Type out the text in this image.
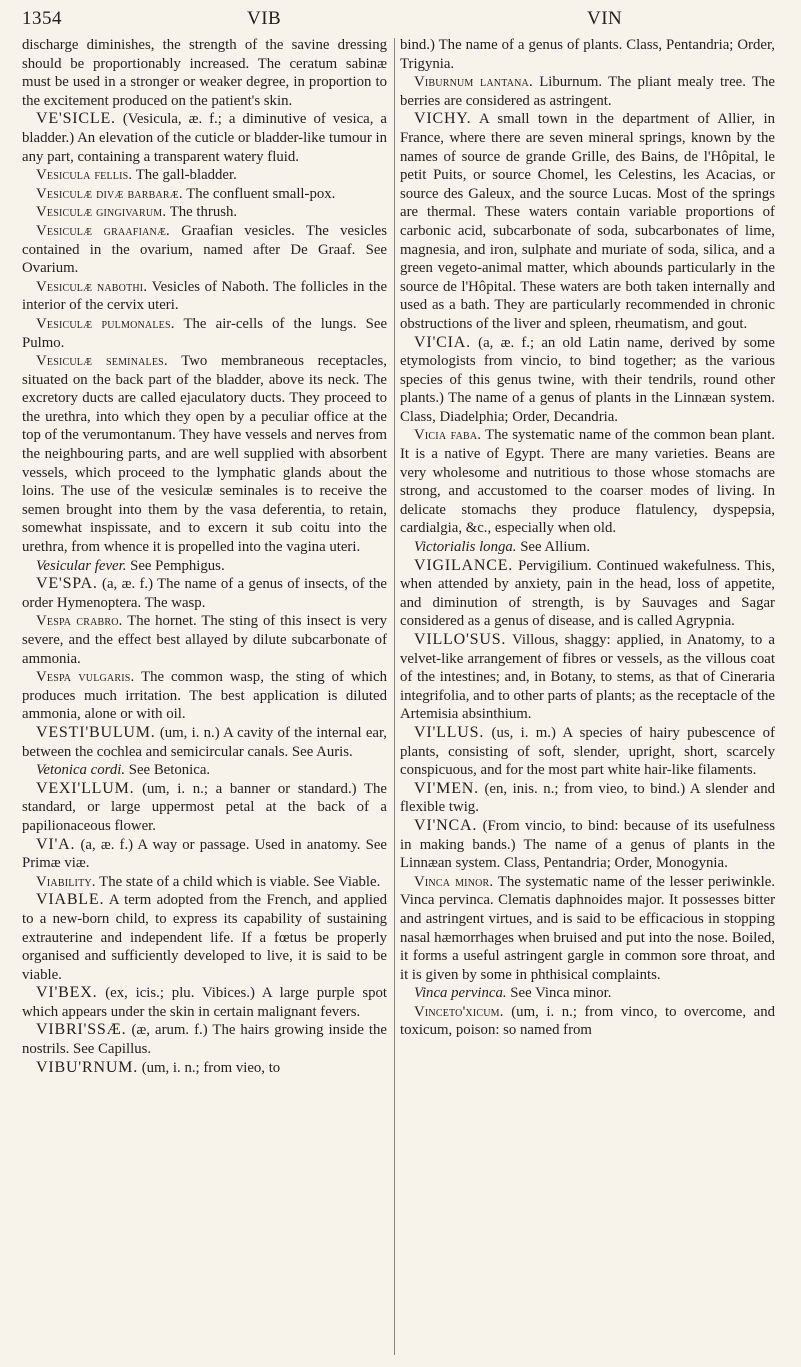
1354	VIB	VIN

discharge diminishes, the strength of the savine dressing should be proportionably increased. The ceratum sabinæ must be used in a stronger or weaker degree, in proportion to the excitement produced on the patient's skin.

VE'SICLE. (Vesicula, æ. f.; a diminutive of vesica, a bladder.) An elevation of the cuticle or bladder-like tumour in any part, containing a transparent watery fluid.

Vesicula fellis. The gall-bladder.

Vesiculæ divæ barbaræ. The confluent small-pox.

Vesiculæ gingivarum. The thrush.

Vesiculæ graafianæ. Graafian vesicles. The vesicles contained in the ovarium, named after De Graaf. See Ovarium.

Vesiculæ nabothi. Vesicles of Naboth. The follicles in the interior of the cervix uteri.

Vesiculæ pulmonales. The air-cells of the lungs. See Pulmo.

Vesiculæ seminales. Two membraneous receptacles, situated on the back part of the bladder, above its neck. The excretory ducts are called ejaculatory ducts. They proceed to the urethra, into which they open by a peculiar office at the top of the verumontanum. They have vessels and nerves from the neighbouring parts, and are well supplied with absorbent vessels, which proceed to the lymphatic glands about the loins. The use of the vesiculæ seminales is to receive the semen brought into them by the vasa deferentia, to retain, somewhat inspissate, and to excern it sub coitu into the urethra, from whence it is propelled into the vagina uteri.

Vesicular fever. See Pemphigus.

VE'SPA. (a, æ. f.) The name of a genus of insects, of the order Hymenoptera. The wasp.

Vespa crabro. The hornet. The sting of this insect is very severe, and the effect best allayed by dilute subcarbonate of ammonia.

Vespa vulgaris. The common wasp, the sting of which produces much irritation. The best application is diluted ammonia, alone or with oil.

VESTI'BULUM. (um, i. n.) A cavity of the internal ear, between the cochlea and semicircular canals. See Auris.

Vetonica cordi. See Betonica.

VEXI'LLUM. (um, i. n.; a banner or standard.) The standard, or large uppermost petal at the back of a papilionaceous flower.

VI'A. (a, æ. f.) A way or passage. Used in anatomy. See Primæ viæ.

Viability. The state of a child which is viable. See Viable.

VIABLE. A term adopted from the French, and applied to a new-born child, to express its capability of sustaining extrauterine and independent life. If a fœtus be properly organised and sufficiently developed to live, it is said to be viable.

VI'BEX. (ex, icis.; plu. Vibices.) A large purple spot which appears under the skin in certain malignant fevers.

VIBRI'SSÆ. (æ, arum. f.) The hairs growing inside the nostrils. See Capillus.

VIBU'RNUM. (um, i. n.; from vieo, to

bind.) The name of a genus of plants. Class, Pentandria; Order, Trigynia.

Viburnum lantana. Liburnum. The pliant mealy tree. The berries are considered as astringent.

VICHY. A small town in the department of Allier, in France, where there are seven mineral springs, known by the names of source de grande Grille, des Bains, de l'Hôpital, le petit Puits, or source Chomel, les Celestins, les Acacias, or source des Galeux, and the source Lucas. Most of the springs are thermal. These waters contain variable proportions of carbonic acid, subcarbonate of soda, subcarbonates of lime, magnesia, and iron, sulphate and muriate of soda, silica, and a green vegeto-animal matter, which abounds particularly in the source de l'Hôpital. These waters are both taken internally and used as a bath. They are particularly recommended in chronic obstructions of the liver and spleen, rheumatism, and gout.

VI'CIA. (a, æ. f.; an old Latin name, derived by some etymologists from vincio, to bind together; as the various species of this genus twine, with their tendrils, round other plants.) The name of a genus of plants in the Linnæan system. Class, Diadelphia; Order, Decandria.

Vicia faba. The systematic name of the common bean plant. It is a native of Egypt. There are many varieties. Beans are very wholesome and nutritious to those whose stomachs are strong, and accustomed to the coarser modes of living. In delicate stomachs they produce flatulency, dyspepsia, cardialgia, &c., especially when old.

Victorialis longa. See Allium.

VIGILANCE. Pervigilium. Continued wakefulness. This, when attended by anxiety, pain in the head, loss of appetite, and diminution of strength, is by Sauvages and Sagar considered as a genus of disease, and is called Agrypnia.

VILLO'SUS. Villous, shaggy: applied, in Anatomy, to a velvet-like arrangement of fibres or vessels, as the villous coat of the intestines; and, in Botany, to stems, as that of Cineraria integrifolia, and to other parts of plants; as the receptacle of the Artemisia absinthium.

VI'LLUS. (us, i. m.) A species of hairy pubescence of plants, consisting of soft, slender, upright, short, scarcely conspicuous, and for the most part white hair-like filaments.

VI'MEN. (en, inis. n.; from vieo, to bind.) A slender and flexible twig.

VI'NCA. (From vincio, to bind: because of its usefulness in making bands.) The name of a genus of plants in the Linnæan system. Class, Pentandria; Order, Monogynia.

Vinca minor. The systematic name of the lesser periwinkle. Vinca pervinca. Clematis daphnoides major. It possesses bitter and astringent virtues, and is said to be efficacious in stopping nasal hæmorrhages when bruised and put into the nose. Boiled, it forms a useful astringent gargle in common sore throat, and it is given by some in phthisical complaints.

Vinca pervinca. See Vinca minor.

Vinceto'xicum. (um, i. n.; from vinco, to overcome, and toxicum, poison: so named from
